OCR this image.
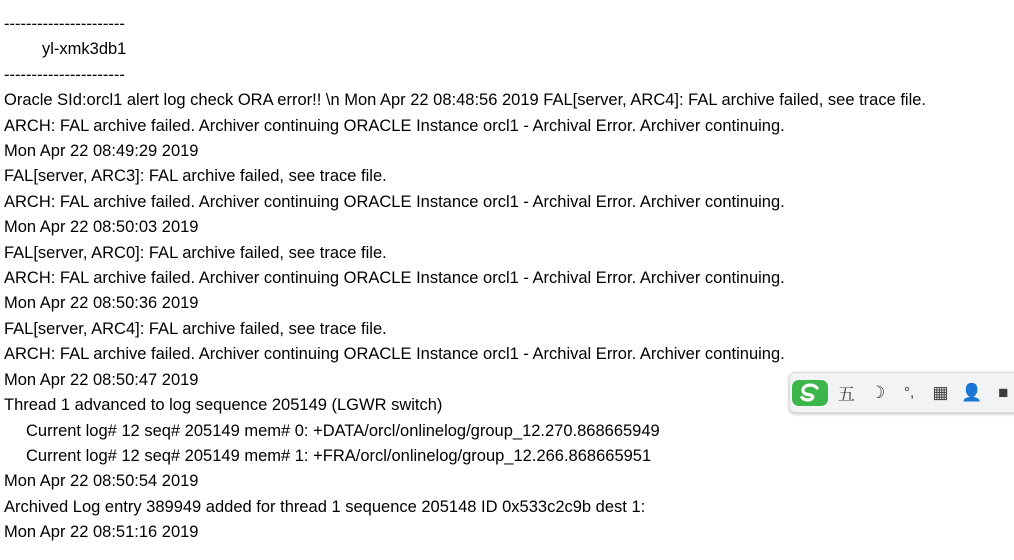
----------------------
yl-xmk3db1
----------------------
Oracle SId:orcl1 alert log check ORA error!! \n Mon Apr 22 08:48:56 2019 FAL[server, ARC4]: FAL archive failed, see trace file.
ARCH: FAL archive failed. Archiver continuing ORACLE Instance orcl1 - Archival Error. Archiver continuing.
Mon Apr 22 08:49:29 2019
FAL[server, ARC3]: FAL archive failed, see trace file.
ARCH: FAL archive failed. Archiver continuing ORACLE Instance orcl1 - Archival Error. Archiver continuing.
Mon Apr 22 08:50:03 2019
FAL[server, ARC0]: FAL archive failed, see trace file.
ARCH: FAL archive failed. Archiver continuing ORACLE Instance orcl1 - Archival Error. Archiver continuing.
Mon Apr 22 08:50:36 2019
FAL[server, ARC4]: FAL archive failed, see trace file.
ARCH: FAL archive failed. Archiver continuing ORACLE Instance orcl1 - Archival Error. Archiver continuing.
Mon Apr 22 08:50:47 2019
Thread 1 advanced to log sequence 205149 (LGWR switch)
Current log# 12 seq# 205149 mem# 0: +DATA/orcl/onlinelog/group_12.270.868665949
Current log# 12 seq# 205149 mem# 1: +FRA/orcl/onlinelog/group_12.266.868665951
Mon Apr 22 08:50:54 2019
Archived Log entry 389949 added for thread 1 sequence 205148 ID 0x533c2c9b dest 1:
Mon Apr 22 08:51:16 2019
五 ☽	°,	▦ 👤 ■
